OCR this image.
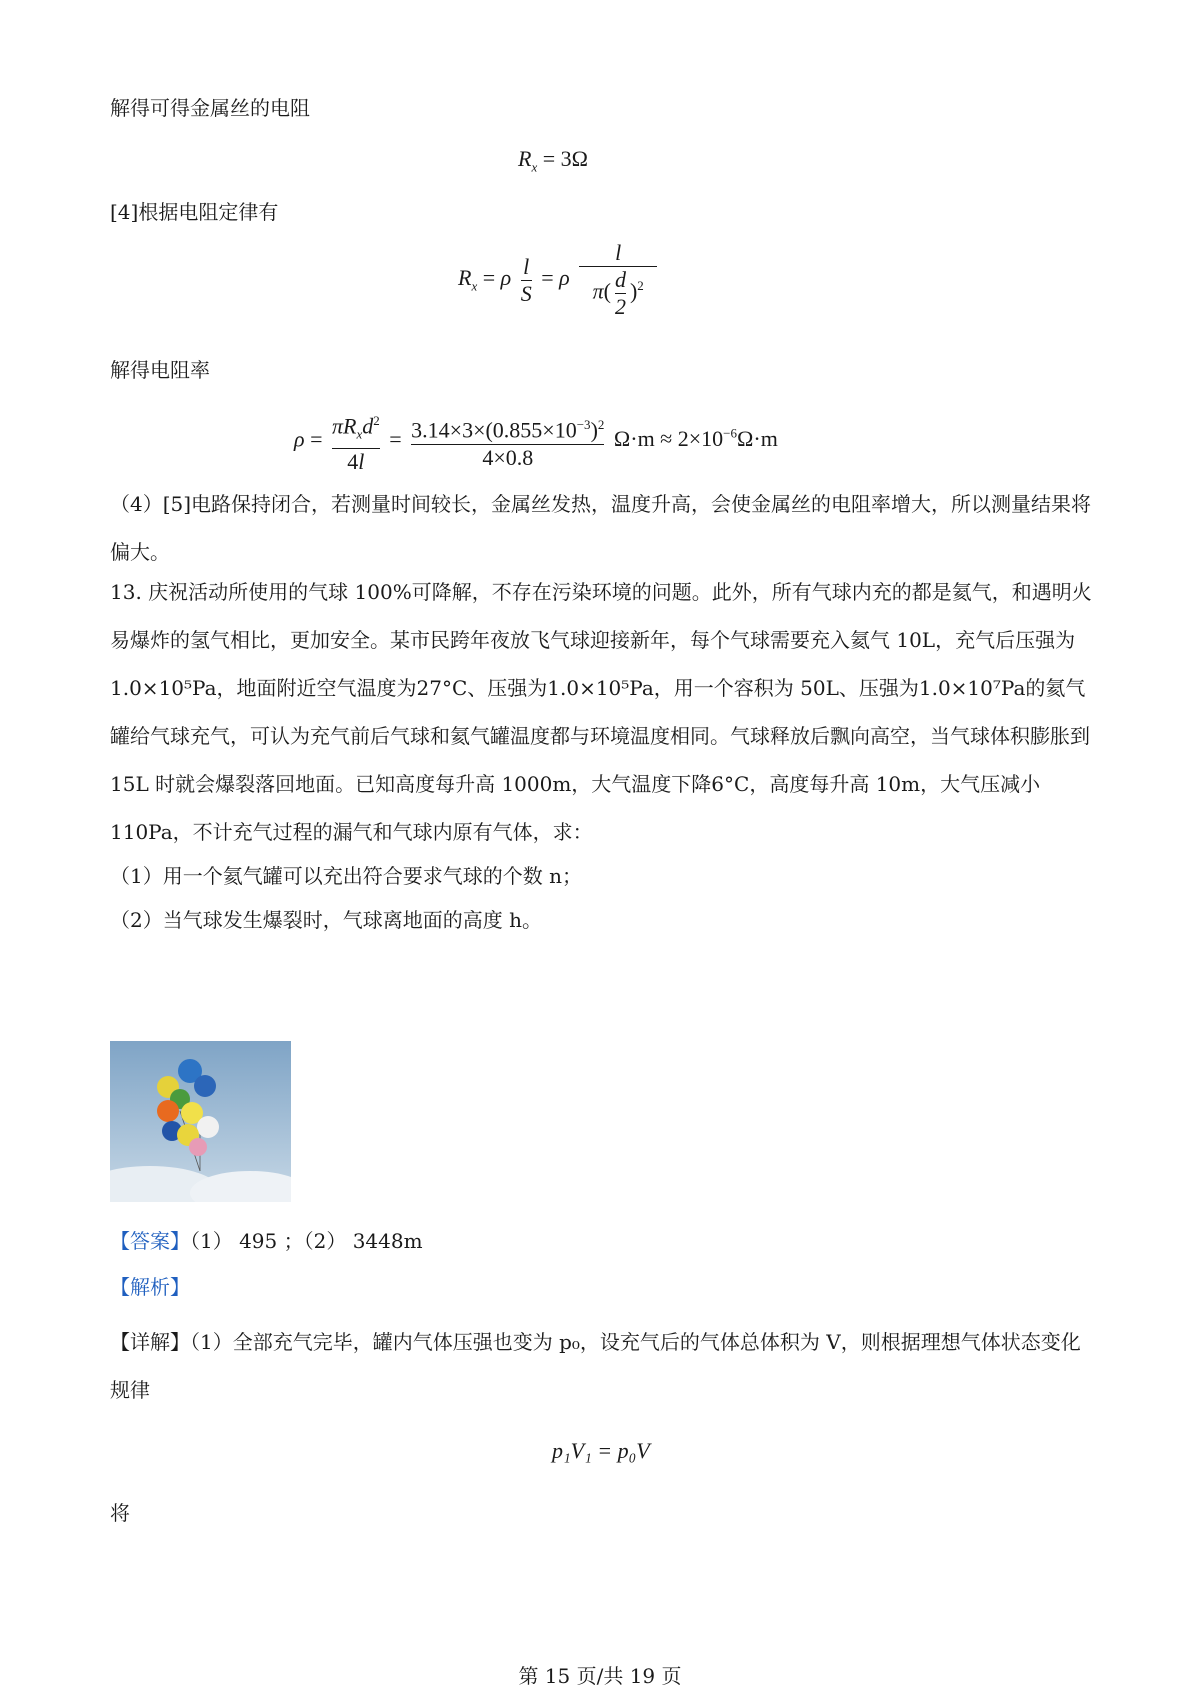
解得可得金属丝的电阻
$R_x = 3\Omega$
[4]根据电阻定律有
$R_x = \rho \frac{l}{S} = \rho \frac{l}{\pi( \frac{d}{2} )^2}$
解得电阻率
$\rho = \frac{\pi R_xd^2}{4l} = \frac{3.14\times 3\times(0.855\times 10^{-3})^2}{4\times 0.8} \Omega\cdot m \approx 2\times 10^{-6}\Omega\cdot m$
（4）[5]电路保持闭合，若测量时间较长，金属丝发热，温度升高，会使金属丝的电阻率增大，所以测量结果将偏大。
13. 庆祝活动所使用的气球 100%可降解，不存在污染环境的问题。此外，所有气球内充的都是氦气，和遇明火易爆炸的氢气相比，更加安全。某市民跨年夜放飞气球迎接新年，每个气球需要充入氦气 10L，充气后压强为1.0×10⁵Pa，地面附近空气温度为27°C、压强为1.0×10⁵Pa，用一个容积为 50L、压强为1.0×10⁷Pa的氦气罐给气球充气，可认为充气前后气球和氦气罐温度都与环境温度相同。气球释放后飘向高空，当气球体积膨胀到 15L 时就会爆裂落回地面。已知高度每升高 1000m，大气温度下降6°C，高度每升高 10m，大气压减小 110Pa，不计充气过程的漏气和气球内原有气体，求：
（1）用一个氦气罐可以充出符合要求气球的个数 n；
（2）当气球发生爆裂时，气球离地面的高度 h。
【答案】（1） 495 ；（2） 3448m
【解析】
【详解】（1）全部充气完毕，罐内气体压强也变为 p₀，设充气后的气体总体积为 V，则根据理想气体状态变化规律
p₁V₁ = p₀V
将
第 15 页/共 19 页
